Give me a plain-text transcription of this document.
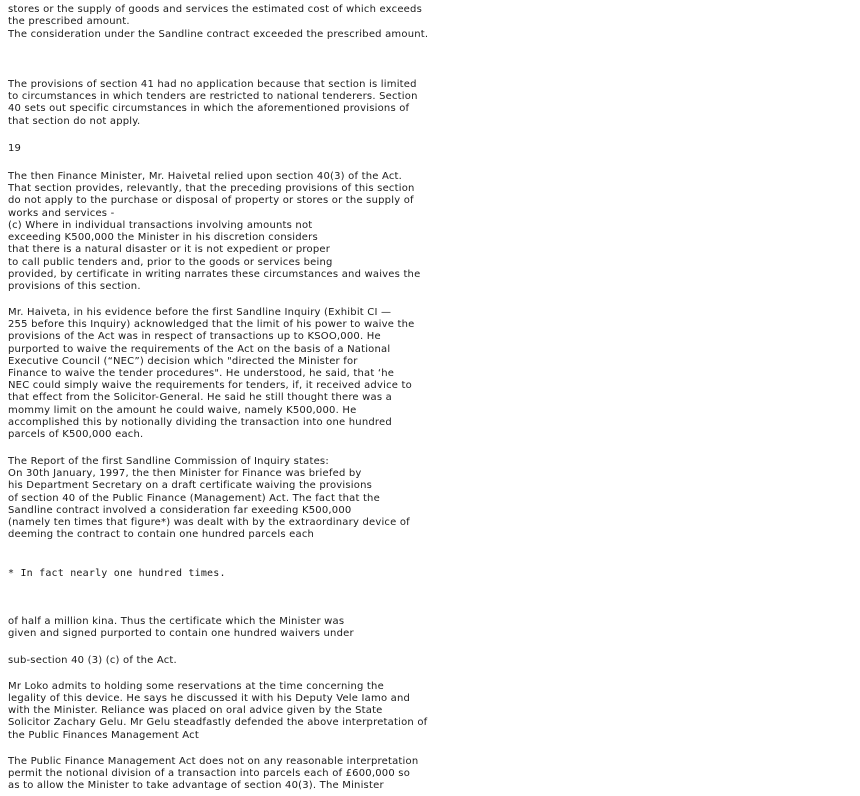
stores or the supply of goods and services the estimated cost of which exceeds
the prescribed amount.
The consideration under the Sandline contract exceeded the prescribed amount.
The provisions of section 41 had no application because that section is limited
to circumstances in which tenders are restricted to national tenderers. Section
40 sets out specific circumstances in which the aforementioned provisions of
that section do not apply.
19
The then Finance Minister, Mr. Haivetal relied upon section 40(3) of the Act.
That section provides, relevantly, that the preceding provisions of this section
do not apply to the purchase or disposal of property or stores or the supply of
works and services -
(c) Where in individual transactions involving amounts not
exceeding K500,000 the Minister in his discretion considers
that there is a natural disaster or it is not expedient or proper
to call public tenders and, prior to the goods or services being
provided, by certificate in writing narrates these circumstances and waives the
provisions of this section.
Mr. Haiveta, in his evidence before the first Sandline Inquiry (Exhibit CI —
255 before this Inquiry) acknowledged that the limit of his power to waive the
provisions of the Act was in respect of transactions up to KSOO,000. He
purported to waive the requirements of the Act on the basis of a National
Executive Council (“NEC”) decision which "directed the Minister for
Finance to waive the tender procedures". He understood, he said, that ‘he
NEC could simply waive the requirements for tenders, if, it received advice to
that effect from the Solicitor-General. He said he still thought there was a
mommy limit on the amount he could waive, namely K500,000. He
accomplished this by notionally dividing the transaction into one hundred
parcels of K500,000 each.
The Report of the first Sandline Commission of Inquiry states:
On 30th January, 1997, the then Minister for Finance was briefed by
his Department Secretary on a draft certificate waiving the provisions
of section 40 of the Public Finance (Management) Act. The fact that the
Sandline contract involved a consideration far exeeding K500,000
(namely ten times that figure*) was dealt with by the extraordinary device of
deeming the contract to contain one hundred parcels each
* In fact nearly one hundred times.
of half a million kina. Thus the certificate which the Minister was
given and signed purported to contain one hundred waivers under
sub-section 40 (3) (c) of the Act.
Mr Loko admits to holding some reservations at the time concerning the
legality of this device. He says he discussed it with his Deputy Vele Iamo and
with the Minister. Reliance was placed on oral advice given by the State
Solicitor Zachary Gelu. Mr Gelu steadfastly defended the above interpretation of
the Public Finances Management Act
The Public Finance Management Act does not on any reasonable interpretation
permit the notional division of a transaction into parcels each of £600,000 so
as to allow the Minister to take advantage of section 40(3). The Minister
